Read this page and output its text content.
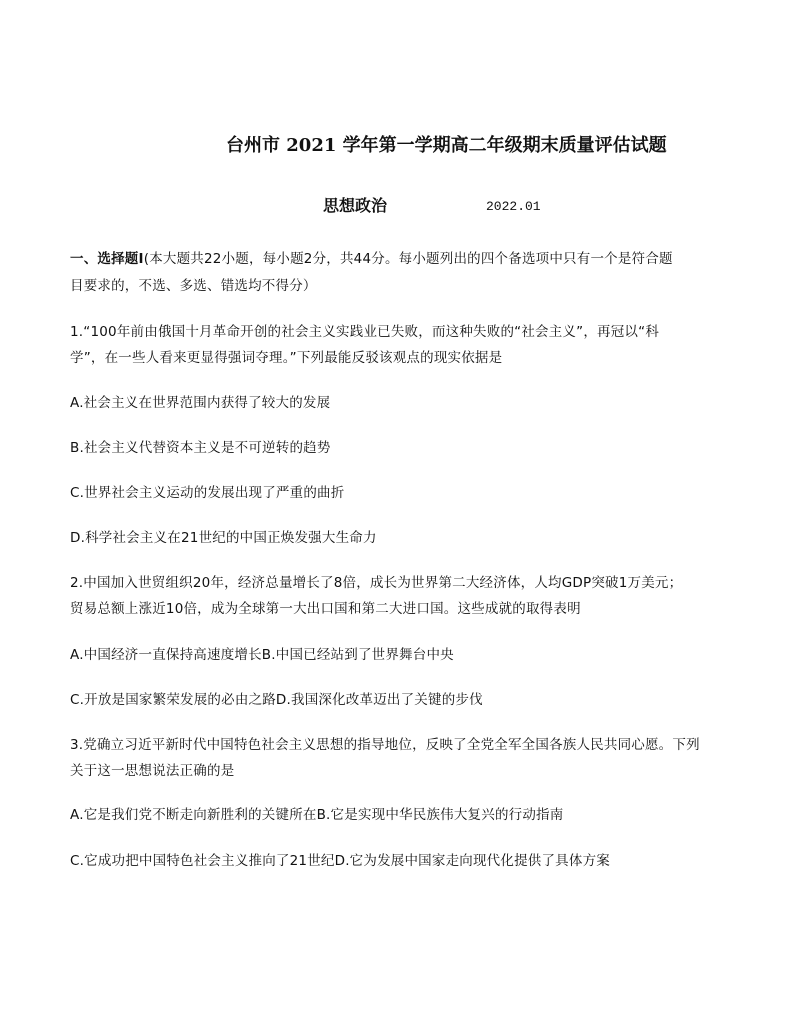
台州市 2021 学年第一学期高二年级期末质量评估试题
思想政治	2022.01
一、选择题Ⅰ(本大题共22小题，每小题2分，共44分。每小题列出的四个备选项中只有一个是符合题
目要求的，不选、多选、错选均不得分）
1.“100年前由俄国十月革命开创的社会主义实践业已失败，而这种失败的“社会主义”，再冠以“科
学”，在一些人看来更显得强词夺理。”下列最能反驳该观点的现实依据是
A.社会主义在世界范围内获得了较大的发展
B.社会主义代替资本主义是不可逆转的趋势
C.世界社会主义运动的发展出现了严重的曲折
D.科学社会主义在21世纪的中国正焕发强大生命力
2.中国加入世贸组织20年，经济总量增长了8倍，成长为世界第二大经济体，人均GDP突破1万美元；
贸易总额上涨近10倍，成为全球第一大出口国和第二大进口国。这些成就的取得表明
A.中国经济一直保持高速度增长B.中国已经站到了世界舞台中央
C.开放是国家繁荣发展的必由之路D.我国深化改革迈出了关键的步伐
3.党确立习近平新时代中国特色社会主义思想的指导地位，反映了全党全军全国各族人民共同心愿。下列
关于这一思想说法正确的是
A.它是我们党不断走向新胜利的关键所在B.它是实现中华民族伟大复兴的行动指南
C.它成功把中国特色社会主义推向了21世纪D.它为发展中国家走向现代化提供了具体方案
